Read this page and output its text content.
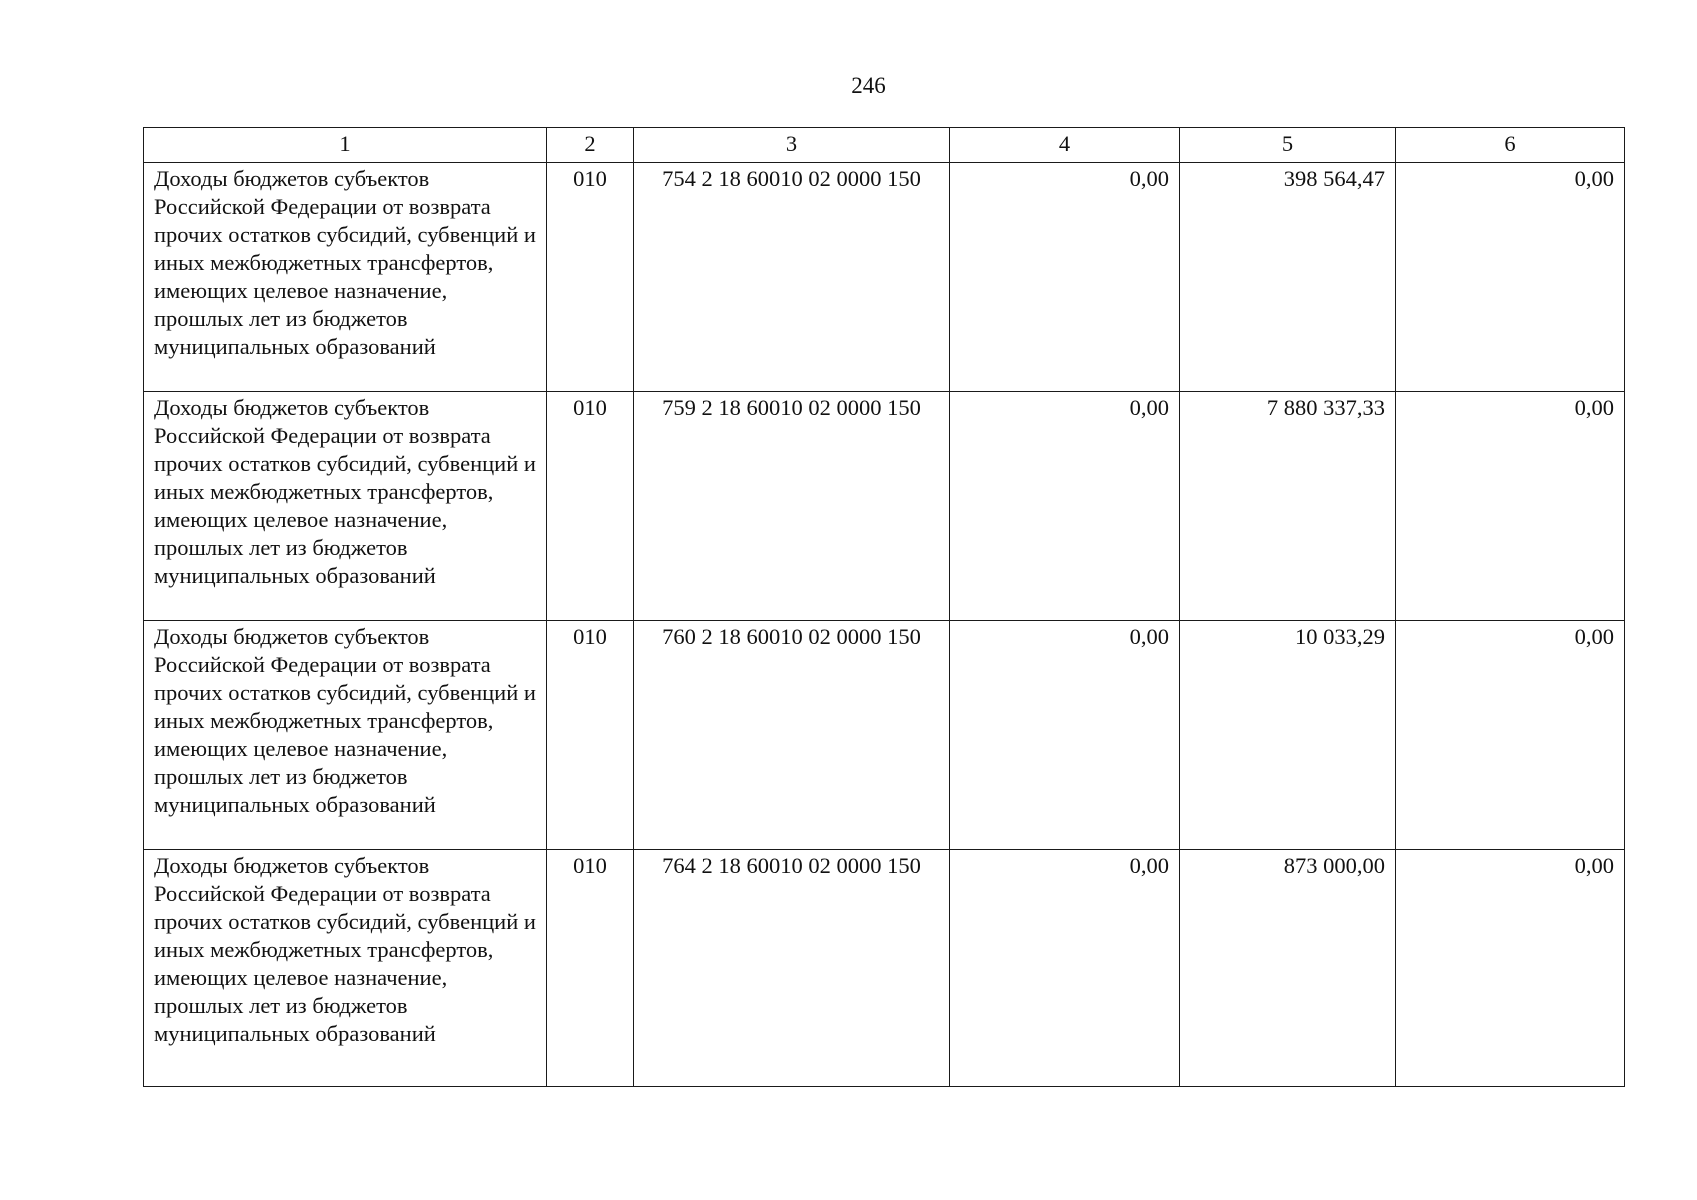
246
1	2	3	4	5	6
Доходы бюджетов субъектов Российской Федерации от возврата прочих остатков субсидий, субвенций и иных межбюджетных трансфертов, имеющих целевое назначение, прошлых лет из бюджетов муниципальных образований	010	754 2 18 60010 02 0000 150	0,00	398 564,47	0,00
Доходы бюджетов субъектов Российской Федерации от возврата прочих остатков субсидий, субвенций и иных межбюджетных трансфертов, имеющих целевое назначение, прошлых лет из бюджетов муниципальных образований	010	759 2 18 60010 02 0000 150	0,00	7 880 337,33	0,00
Доходы бюджетов субъектов Российской Федерации от возврата прочих остатков субсидий, субвенций и иных межбюджетных трансфертов, имеющих целевое назначение, прошлых лет из бюджетов муниципальных образований	010	760 2 18 60010 02 0000 150	0,00	10 033,29	0,00
Доходы бюджетов субъектов Российской Федерации от возврата прочих остатков субсидий, субвенций и иных межбюджетных трансфертов, имеющих целевое назначение, прошлых лет из бюджетов муниципальных образований	010	764 2 18 60010 02 0000 150	0,00	873 000,00	0,00
